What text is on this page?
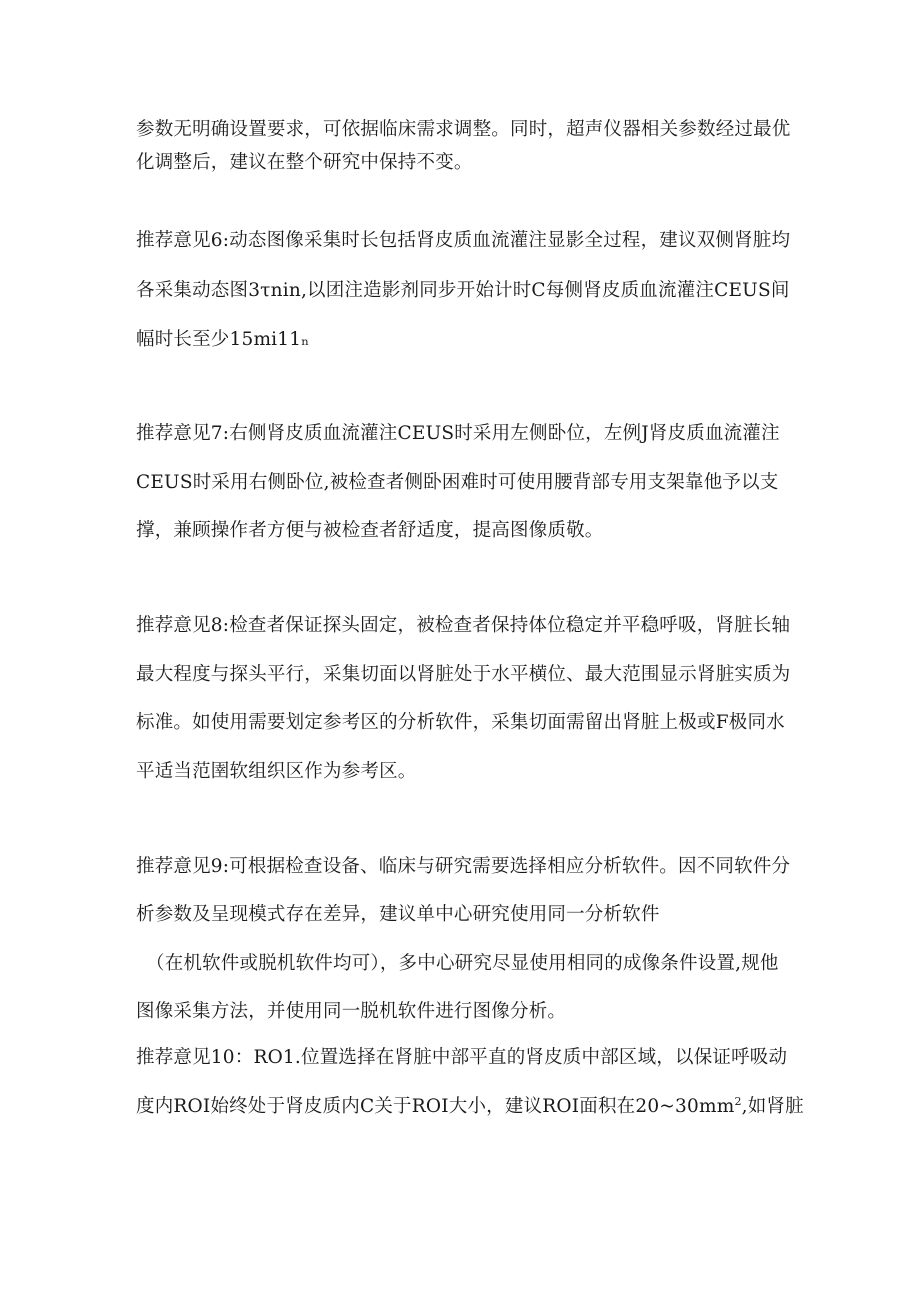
参数无明确设置要求，可依据临床需求调整。同时，超声仪器相关参数经过最优
化调整后，建议在整个研究中保持不变。
推荐意见6:动态图像采集时长包括肾皮质血流灌注显影全过程，建议双侧肾脏均
各采集动态图3τnin,以团注造影剂同步开始计时C每侧肾皮质血流灌注CEUS间
幅时长至少15mi11ₙ
推荐意见7:右侧肾皮质血流灌注CEUS时采用左侧卧位，左例J肾皮质血流灌注
CEUS时采用右侧卧位,被检查者侧卧困难时可使用腰背部专用支架靠他予以支
撑，兼顾操作者方便与被检查者舒适度，提高图像质敬。
推荐意见8:检查者保证探头固定，被检查者保持体位稳定并平稳呼吸，肾脏长轴
最大程度与探头平行，采集切面以肾脏处于水平横位、最大范围显示肾脏实质为
标准。如使用需要划定参考区的分析软件，采集切面需留出肾脏上极或F极同水
平适当范圉软组织区作为参考区。
推荐意见9:可根据检查设备、临床与研究需要选择相应分析软件。因不同软件分
析参数及呈现模式存在差异，建议单中心研究使用同一分析软件
（在机软件或脱机软件均可），多中心研究尽显使用相同的成像条件设置,规他
图像采集方法，并使用同一脱机软件进行图像分析。
推荐意见10：RO1.位置选择在肾脏中部平直的肾皮质中部区域，以保证呼吸动
度内ROI始终处于肾皮质内C关于ROI大小，建议ROI面积在$20\sim 30mm^2$,如肾脏
